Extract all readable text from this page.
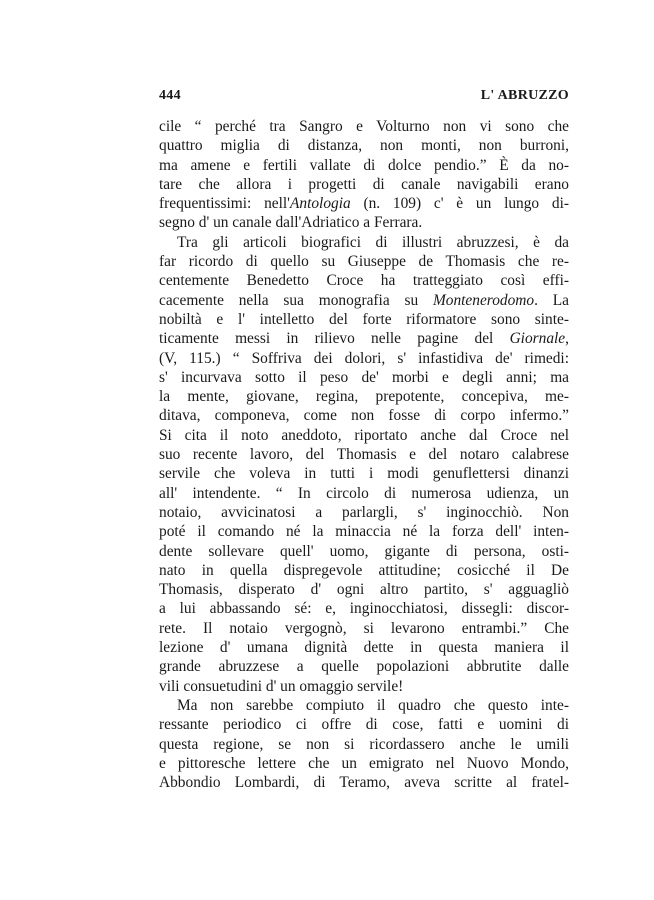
444	L' ABRUZZO
cile “ perché tra Sangro e Volturno non vi sono che
quattro miglia di distanza, non monti, non burroni,
ma amene e fertili vallate di dolce pendio.” È da no-
tare che allora i progetti di canale navigabili erano
frequentissimi: nell'Antologia (n. 109) c' è un lungo di-
segno d' un canale dall'Adriatico a Ferrara.
Tra gli articoli biografici di illustri abruzzesi, è da
far ricordo di quello su Giuseppe de Thomasis che re-
centemente Benedetto Croce ha tratteggiato così effi-
cacemente nella sua monografia su Montenerodomo. La
nobiltà e l' intelletto del forte riformatore sono sinte-
ticamente messi in rilievo nelle pagine del Giornale,
(V, 115.) “ Soffriva dei dolori, s' infastidiva de' rimedi:
s' incurvava sotto il peso de' morbi e degli anni; ma
la mente, giovane, regina, prepotente, concepiva, me-
ditava, componeva, come non fosse di corpo infermo.”
Si cita il noto aneddoto, riportato anche dal Croce nel
suo recente lavoro, del Thomasis e del notaro calabrese
servile che voleva in tutti i modi genuflettersi dinanzi
all' intendente. “ In circolo di numerosa udienza, un
notaio, avvicinatosi a parlargli, s' inginocchiò. Non
poté il comando né la minaccia né la forza dell' inten-
dente sollevare quell' uomo, gigante di persona, osti-
nato in quella dispregevole attitudine; cosicché il De
Thomasis, disperato d' ogni altro partito, s' agguagliò
a lui abbassando sé: e, inginocchiatosi, dissegli: discor-
rete. Il notaio vergognò, si levarono entrambi.” Che
lezione d' umana dignità dette in questa maniera il
grande abruzzese a quelle popolazioni abbrutite dalle
vili consuetudini d' un omaggio servile!
Ma non sarebbe compiuto il quadro che questo inte-
ressante periodico ci offre di cose, fatti e uomini di
questa regione, se non si ricordassero anche le umili
e pittoresche lettere che un emigrato nel Nuovo Mondo,
Abbondio Lombardi, di Teramo, aveva scritte al fratel-
